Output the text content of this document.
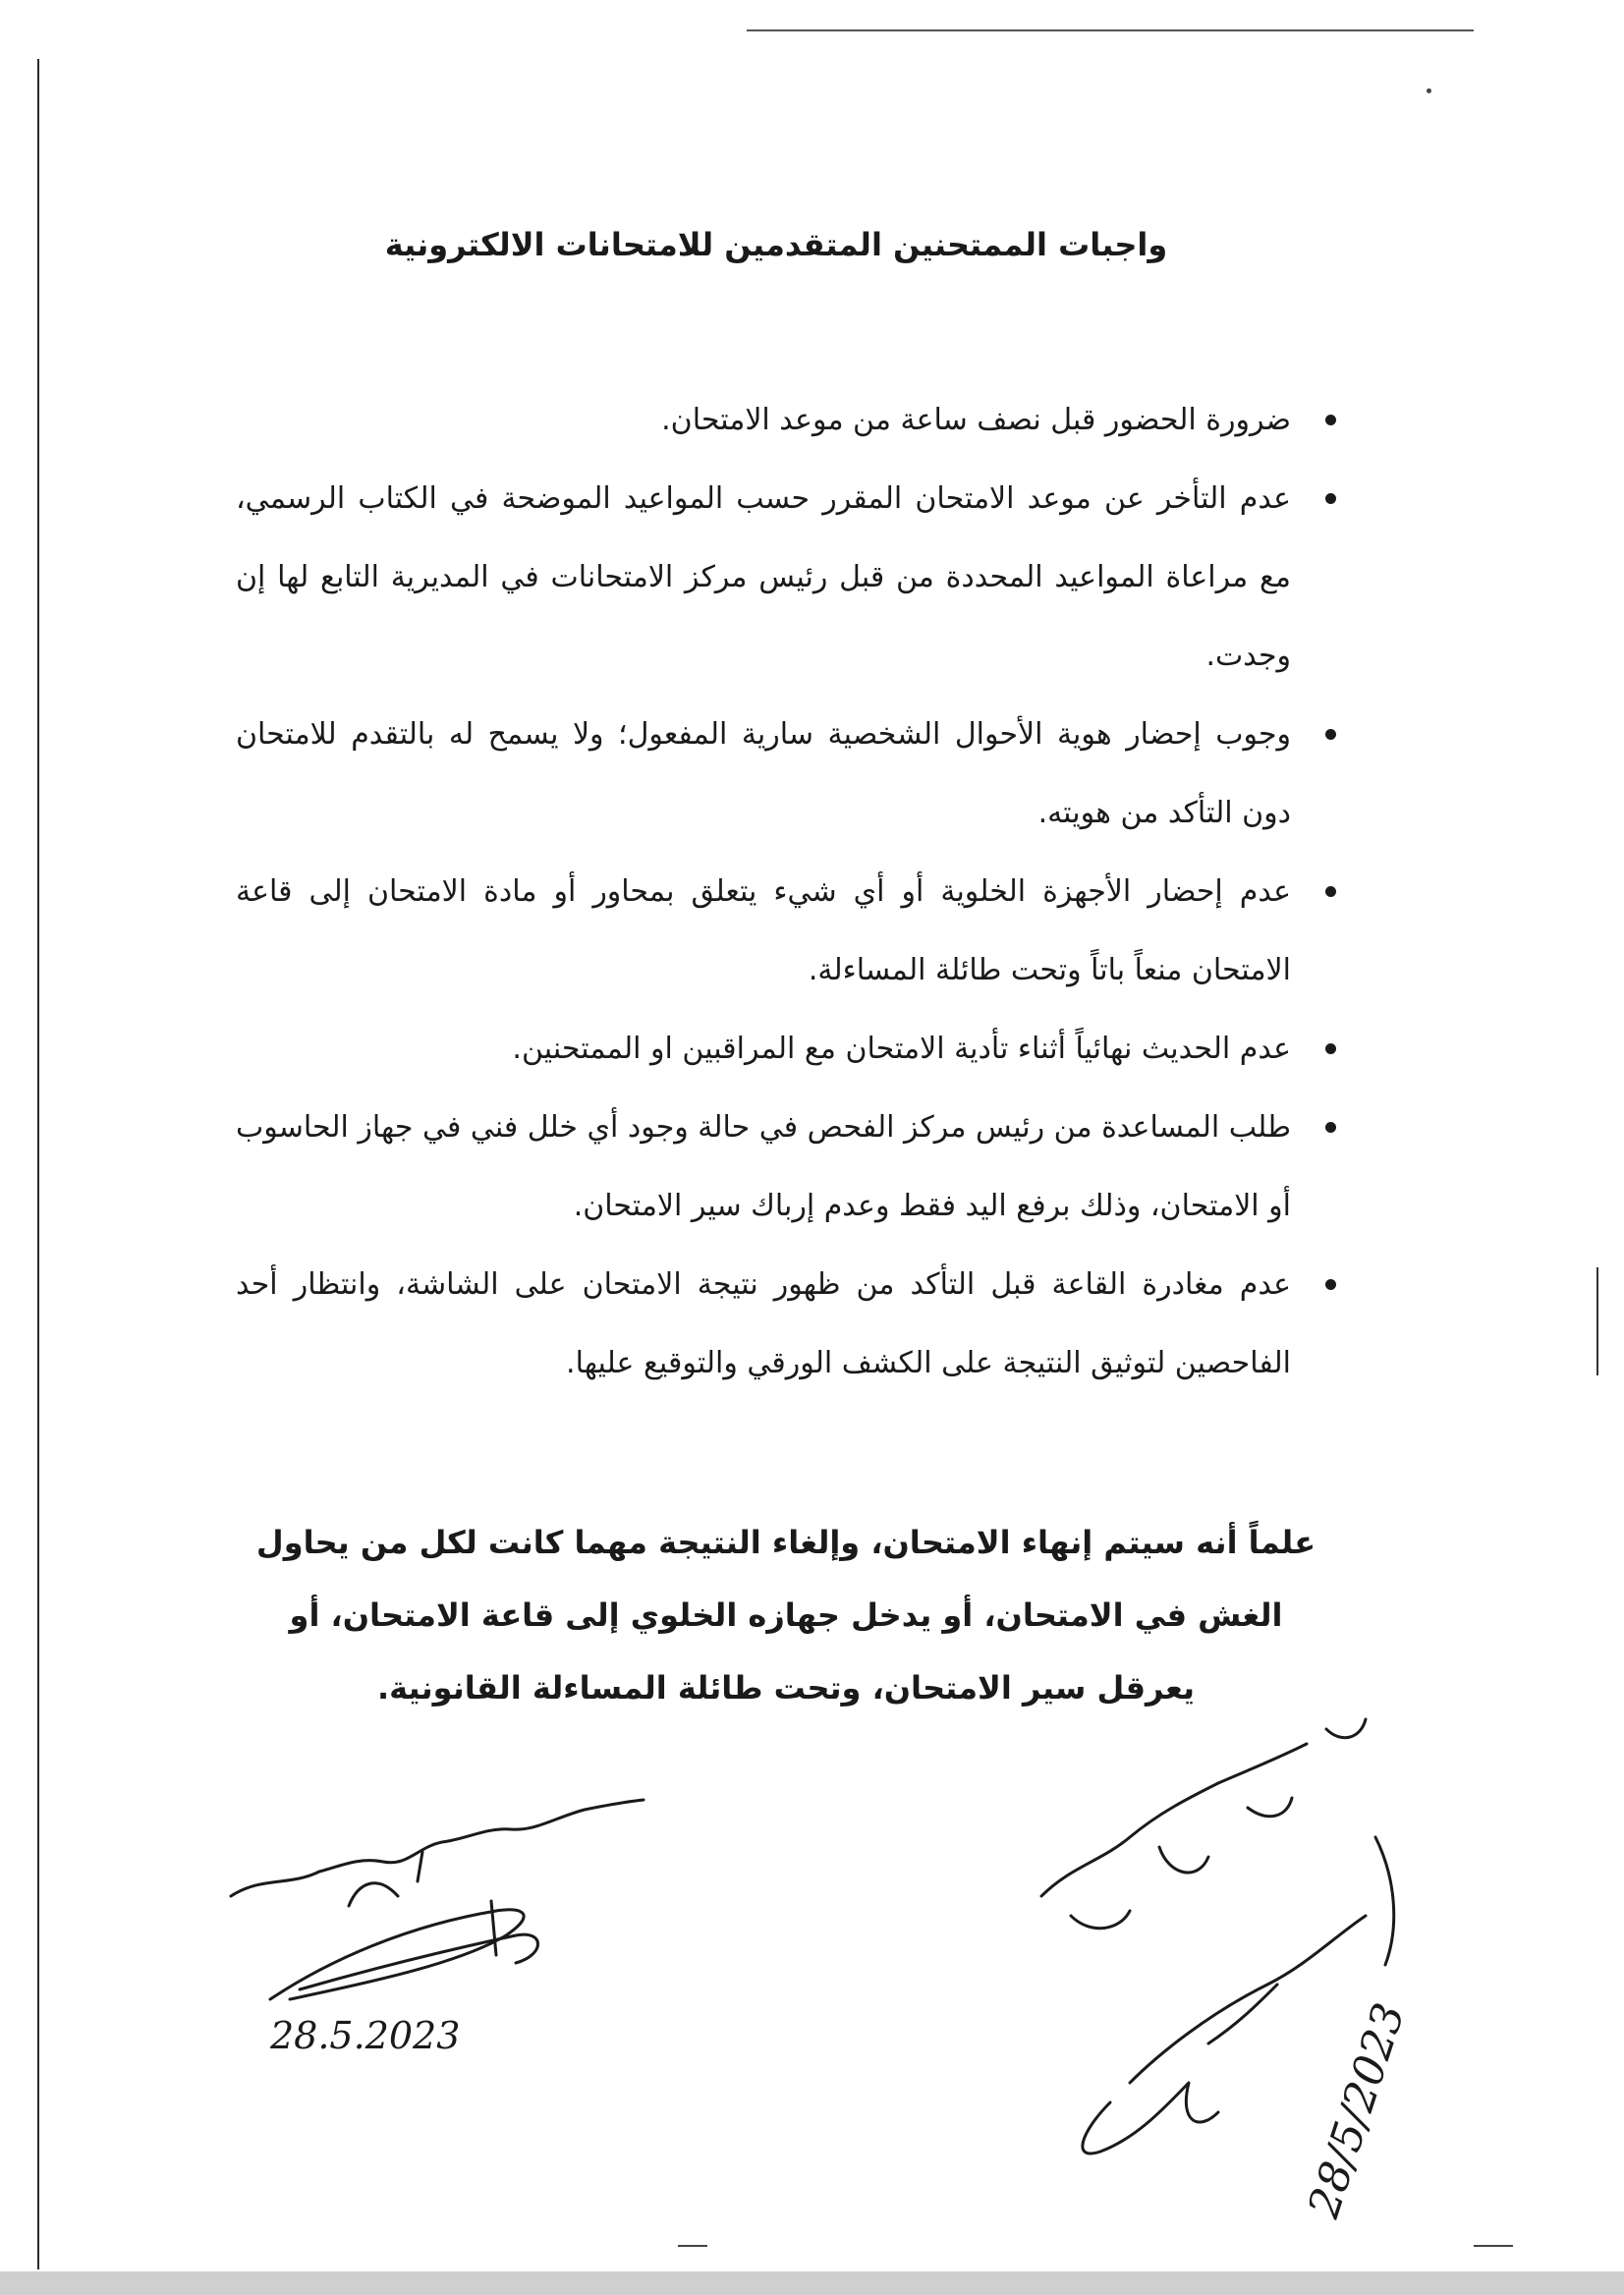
واجبات الممتحنين المتقدمين للامتحانات الالكترونية
ضرورة الحضور قبل نصف ساعة من موعد الامتحان.
عدم التأخر عن موعد الامتحان المقرر حسب المواعيد الموضحة في الكتاب الرسمي، مع مراعاة المواعيد المحددة من قبل رئيس مركز الامتحانات في المديرية التابع لها إن وجدت.
وجوب إحضار هوية الأحوال الشخصية سارية المفعول؛ ولا يسمح له بالتقدم للامتحان دون التأكد من هويته.
عدم إحضار الأجهزة الخلوية أو أي شيء يتعلق بمحاور أو مادة الامتحان إلى قاعة الامتحان منعاً باتاً وتحت طائلة المساءلة.
عدم الحديث نهائياً أثناء تأدية الامتحان مع المراقبين او الممتحنين.
طلب المساعدة من رئيس مركز الفحص في حالة وجود أي خلل فني في جهاز الحاسوب أو الامتحان، وذلك برفع اليد فقط وعدم إرباك سير الامتحان.
عدم مغادرة القاعة قبل التأكد من ظهور نتيجة الامتحان على الشاشة، وانتظار أحد الفاحصين لتوثيق النتيجة على الكشف الورقي والتوقيع عليها.
علماً أنه سيتم إنهاء الامتحان، وإلغاء النتيجة مهما كانت لكل من يحاول الغش في الامتحان، أو يدخل جهازه الخلوي إلى قاعة الامتحان، أو يعرقل سير الامتحان، وتحت طائلة المساءلة القانونية.
28.5.2023	28/5/2023
